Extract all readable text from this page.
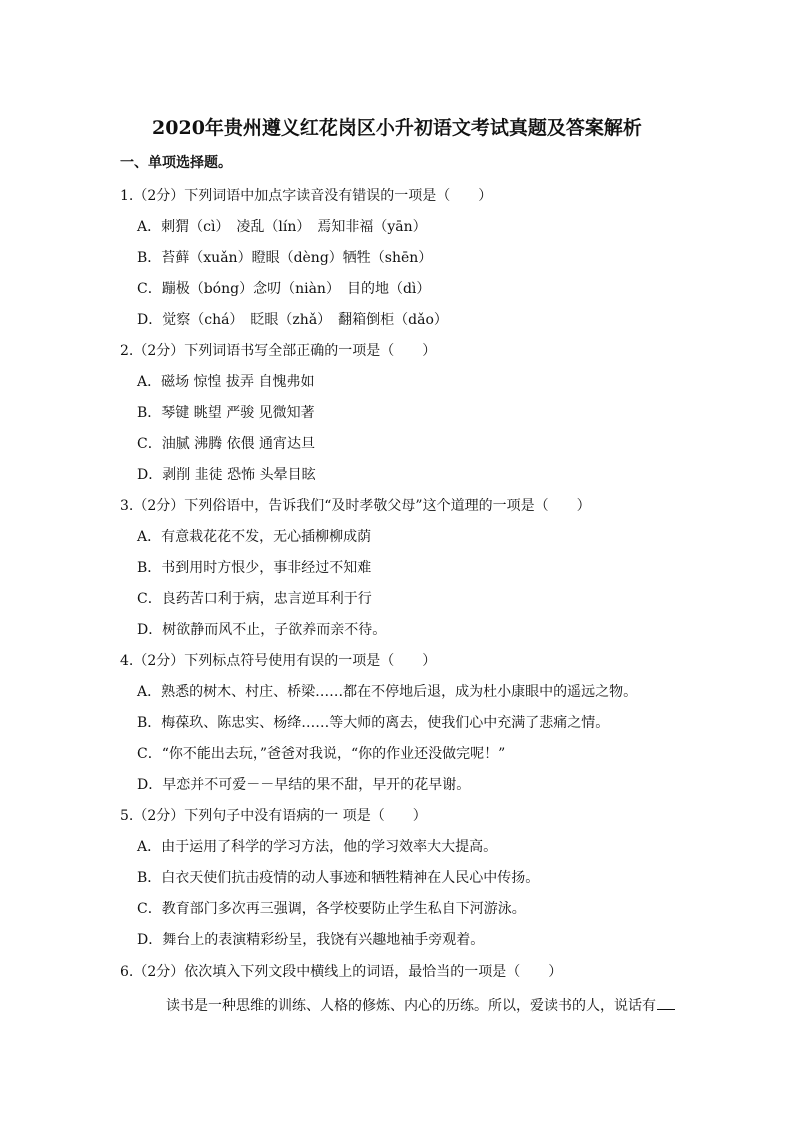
2020年贵州遵义红花岗区小升初语文考试真题及答案解析
一、单项选择题。
1.（2分）下列词语中加点字读音没有错误的一项是（　　）
A．刺猬（cì）　凌乱（lín）　焉知非福（yān）
B．苔藓（xuǎn）瞪眼（dèng）牺牲（shēn）
C．蹦极（bóng）念叨（niàn）　目的地（dì）
D．觉察（chá）　眨眼（zhǎ）　翻箱倒柜（dǎo）
2.（2分）下列词语书写全部正确的一项是（　　）
A．磁场 惊惶 拔弄 自愧弗如
B．琴键 眺望 严骏 见微知著
C．油腻 沸腾 依偎 通宵达旦
D．剥削 韭徒 恐怖 头晕目眩
3.（2分）下列俗语中，告诉我们“及时孝敬父母”这个道理的一项是（　　）
A．有意栽花花不发，无心插柳柳成荫
B．书到用时方恨少，事非经过不知难
C．良药苦口利于病，忠言逆耳利于行
D．树欲静而风不止，子欲养而亲不待。
4.（2分）下列标点符号使用有误的一项是（　　）
A．熟悉的树木、村庄、桥梁……都在不停地后退，成为杜小康眼中的遥远之物。
B．梅葆玖、陈忠实、杨绛……等大师的离去，使我们心中充满了悲痛之情。
C．“你不能出去玩，”爸爸对我说，“你的作业还没做完呢！”
D．早恋并不可爱－－早结的果不甜，早开的花早谢。
5.（2分）下列句子中没有语病的一 项是（　　）
A．由于运用了科学的学习方法，他的学习效率大大提高。
B．白衣天使们抗击疫情的动人事迹和牺牲精神在人民心中传扬。
C．教育部门多次再三强调，各学校要防止学生私自下河游泳。
D．舞台上的表演精彩纷呈，我饶有兴趣地袖手旁观着。
6.（2分）依次填入下列文段中横线上的词语，最恰当的一项是（　　）
读书是一种思维的训练、人格的修炼、内心的历练。所以，爱读书的人，说话有
